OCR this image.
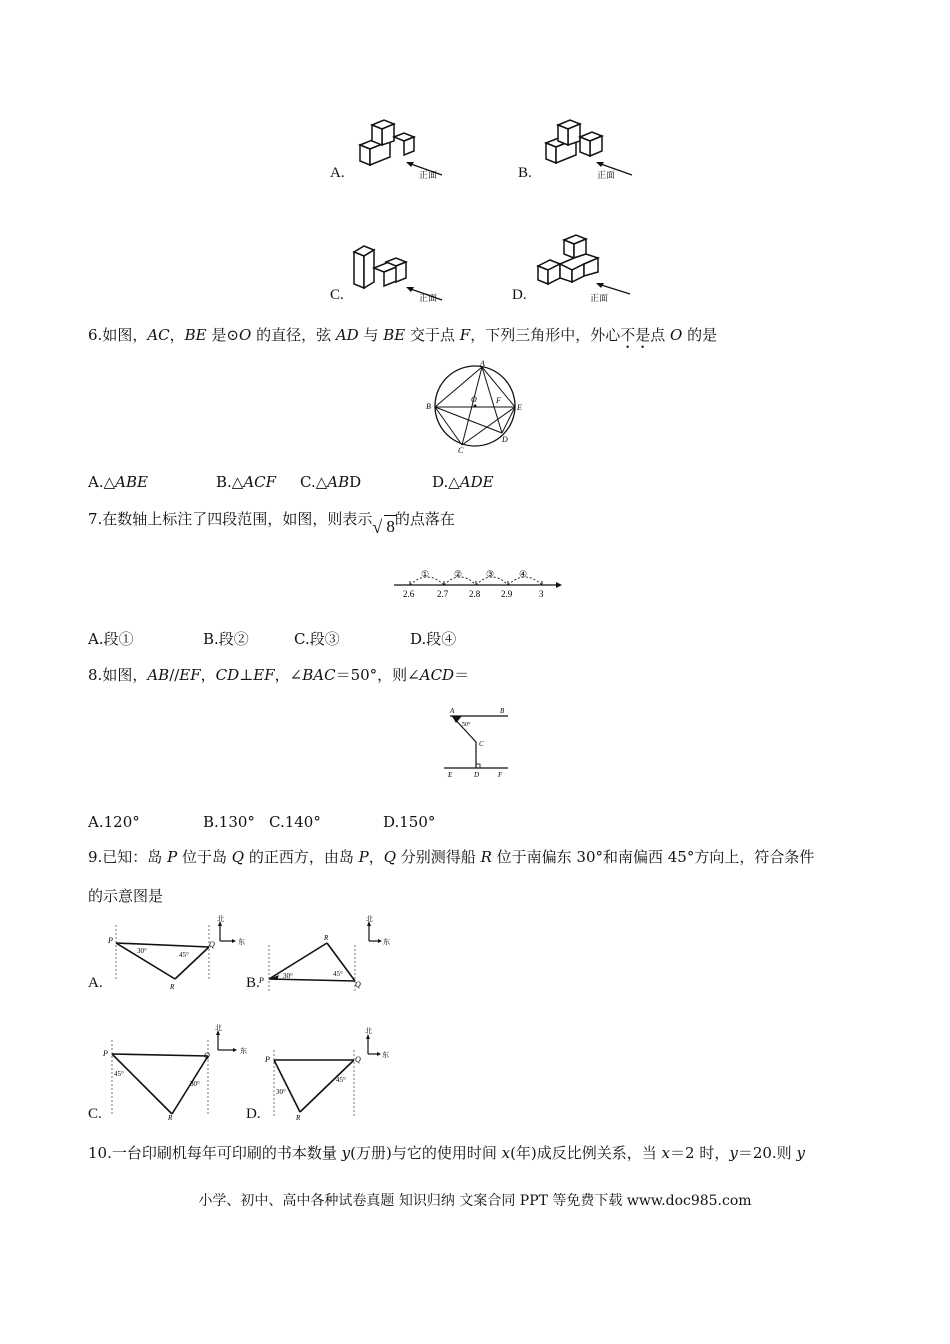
正面
A.	正面
B.
正面
C.	正面
D.
6.如图，AC，BE 是⊙O 的直径，弦 AD 与 BE 交于点 F，下列三角形中，外心不是点 O 的是
A
B
C
D
E
F
O
A.△ABE	B.△ACF C.△ABD	D.△ADE
7.在数轴上标注了四段范围，如图，则表示 √ 8的点落在
①	②	③	④
2.6	2.7 2.8 2.9	3
A.段①	B.段②	C.段③	D.段④
8.如图，AB//EF，CD⊥EF，∠BAC＝50°，则∠ACD＝
A	B
C
D
E	F
50°
A.120°	B.130° C.140°	D.150°
9.已知：岛 P 位于岛 Q 的正西方，由岛 P，Q 分别测得船 R 位于南偏东 30°和南偏西 45°方向上，符合条件
的示意图是
P	Q
R
30°	45°
北
东
A.	P	Q
R
30°	45°
北
东
B.
P	Q
R
45°
30°
北
东
C.
P	Q
R
30°
45°
北
东
D.
10.一台印刷机每年可印刷的书本数量 y(万册)与它的使用时间 x(年)成反比例关系，当 x＝2 时，y＝20.则 y
小学、初中、高中各种试卷真题 知识归纳 文案合同 PPT 等免费下载 www.doc985.com
